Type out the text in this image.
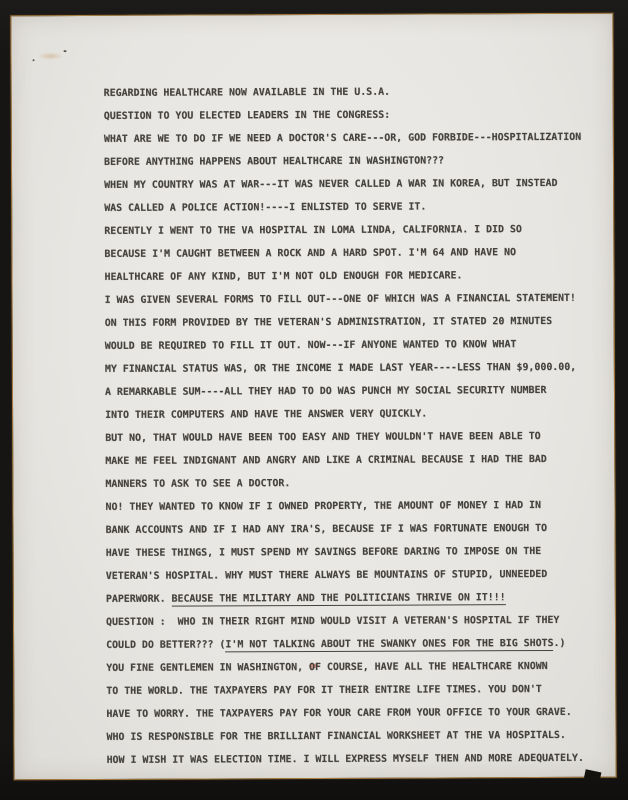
REGARDING HEALTHCARE NOW AVAILABLE IN THE U.S.A.
QUESTION TO YOU ELECTED LEADERS IN THE CONGRESS:
WHAT ARE WE TO DO IF WE NEED A DOCTOR'S CARE---OR, GOD FORBIDE---HOSPITALIZATION
BEFORE ANYTHING HAPPENS ABOUT HEALTHCARE IN WASHINGTON???
WHEN MY COUNTRY WAS AT WAR---IT WAS NEVER CALLED A WAR IN KOREA, BUT INSTEAD
WAS CALLED A POLICE ACTION!----I ENLISTED TO SERVE IT.
RECENTLY I WENT TO THE VA HOSPITAL IN LOMA LINDA, CALIFORNIA. I DID SO
BECAUSE I'M CAUGHT BETWEEN A ROCK AND A HARD SPOT. I'M 64 AND HAVE NO
HEALTHCARE OF ANY KIND, BUT I'M NOT OLD ENOUGH FOR MEDICARE.
I WAS GIVEN SEVERAL FORMS TO FILL OUT---ONE OF WHICH WAS A FINANCIAL STATEMENT!
ON THIS FORM PROVIDED BY THE VETERAN'S ADMINISTRATION, IT STATED 20 MINUTES
WOULD BE REQUIRED TO FILL IT OUT. NOW---IF ANYONE WANTED TO KNOW WHAT
MY FINANCIAL STATUS WAS, OR THE INCOME I MADE LAST YEAR----LESS THAN $9,000.00,
A REMARKABLE SUM----ALL THEY HAD TO DO WAS PUNCH MY SOCIAL SECURITY NUMBER
INTO THEIR COMPUTERS AND HAVE THE ANSWER VERY QUICKLY.
BUT NO, THAT WOULD HAVE BEEN TOO EASY AND THEY WOULDN'T HAVE BEEN ABLE TO
MAKE ME FEEL INDIGNANT AND ANGRY AND LIKE A CRIMINAL BECAUSE I HAD THE BAD
MANNERS TO ASK TO SEE A DOCTOR.
NO! THEY WANTED TO KNOW IF I OWNED PROPERTY, THE AMOUNT OF MONEY I HAD IN
BANK ACCOUNTS AND IF I HAD ANY IRA'S, BECAUSE IF I WAS FORTUNATE ENOUGH TO
HAVE THESE THINGS, I MUST SPEND MY SAVINGS BEFORE DARING TO IMPOSE ON THE
VETERAN'S HOSPITAL. WHY MUST THERE ALWAYS BE MOUNTAINS OF STUPID, UNNEEDED
PAPERWORK. BECAUSE THE MILITARY AND THE POLITICIANS THRIVE ON IT!!!
QUESTION :  WHO IN THEIR RIGHT MIND WOULD VISIT A VETERAN'S HOSPITAL IF THEY
COULD DO BETTER??? (I'M NOT TALKING ABOUT THE SWANKY ONES FOR THE BIG SHOTS.)
YOU FINE GENTLEMEN IN WASHINGTON, OF COURSE, HAVE ALL THE HEALTHCARE KNOWN
TO THE WORLD. THE TAXPAYERS PAY FOR IT THEIR ENTIRE LIFE TIMES. YOU DON'T
HAVE TO WORRY. THE TAXPAYERS PAY FOR YOUR CARE FROM YOUR OFFICE TO YOUR GRAVE.
WHO IS RESPONSIBLE FOR THE BRILLIANT FINANCIAL WORKSHEET AT THE VA HOSPITALS.
HOW I WISH IT WAS ELECTION TIME. I WILL EXPRESS MYSELF THEN AND MORE ADEQUATELY.
